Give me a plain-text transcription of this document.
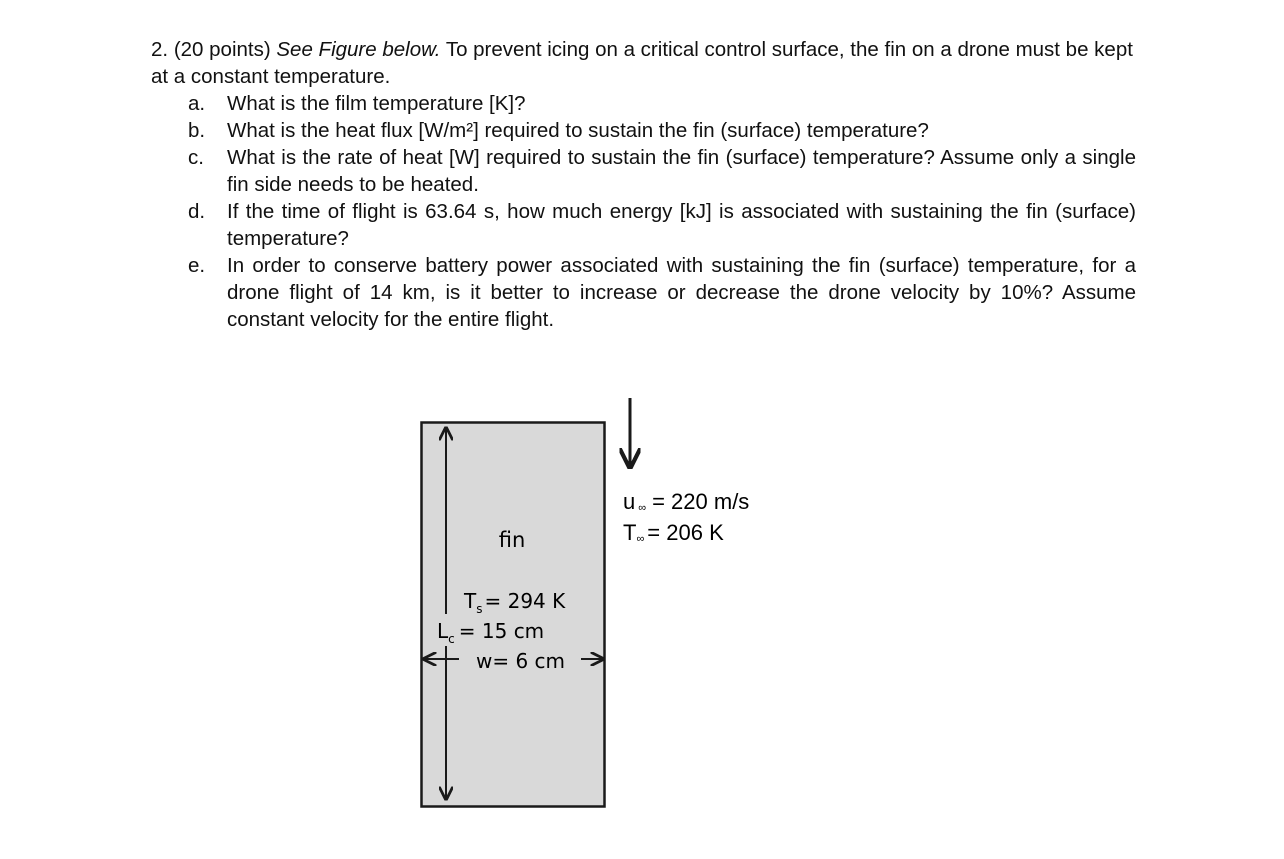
2. (20 points) See Figure below. To prevent icing on a critical control surface, the fin on a drone must be kept at a constant temperature.

a. What is the film temperature [K]?
b. What is the heat flux [W/m²] required to sustain the fin (surface) temperature?
c. What is the rate of heat [W] required to sustain the fin (surface) temperature? Assume only a single fin side needs to be heated.
d. If the time of flight is 63.64 s, how much energy [kJ] is associated with sustaining the fin (surface) temperature?
e. In order to conserve battery power associated with sustaining the fin (surface) temperature, for a drone flight of 14 km, is it better to increase or decrease the drone velocity by 10%? Assume constant velocity for the entire flight.
fin
$T_s = 294$ K
$L_c = 15$ cm
w= 6 cm
u ∞ = 220 m/s
T∞ = 206 K
